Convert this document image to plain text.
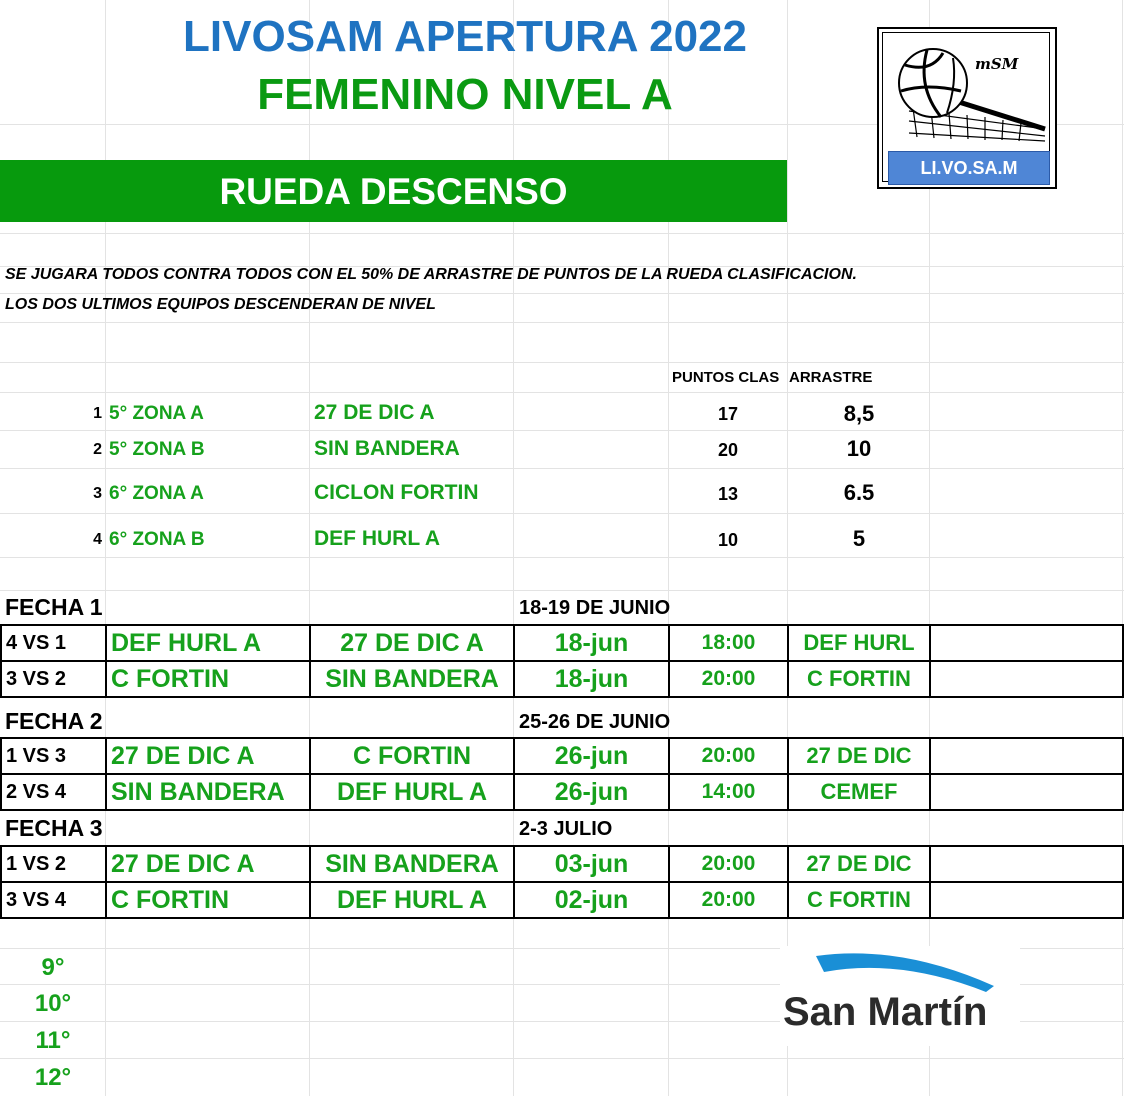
LIVOSAM APERTURA 2022
FEMENINO NIVEL A
mSM
LI.VO.SA.M
RUEDA DESCENSO
SE JUGARA TODOS CONTRA TODOS CON EL 50% DE ARRASTRE DE PUNTOS DE LA RUEDA CLASIFICACION.
LOS DOS ULTIMOS EQUIPOS DESCENDERAN DE NIVEL
PUNTOS CLAS ARRASTRE
1 5° ZONA A	27 DE DIC A	17	8,5
2 5° ZONA B	SIN BANDERA	20	10
3 6° ZONA A	CICLON FORTIN	13	6.5
4 6° ZONA B	DEF HURL A	10	5
FECHA 1	18-19 DE JUNIO
4 VS 1	DEF HURL A	27 DE DIC A	18-jun	18:00	DEF HURL	
3 VS 2	C FORTIN	SIN BANDERA	18-jun	20:00	C FORTIN	
FECHA 2	25-26 DE JUNIO
1 VS 3	27 DE DIC A	C FORTIN	26-jun	20:00	27 DE DIC	
2 VS 4	SIN BANDERA	DEF HURL A	26-jun	14:00	CEMEF	
FECHA 3	2-3 JULIO
1 VS 2	27 DE DIC A	SIN BANDERA	03-jun	20:00	27 DE DIC	
3 VS 4	C FORTIN	DEF HURL A	02-jun	20:00	C FORTIN	
9°
10°
11°
12°
San Martín
